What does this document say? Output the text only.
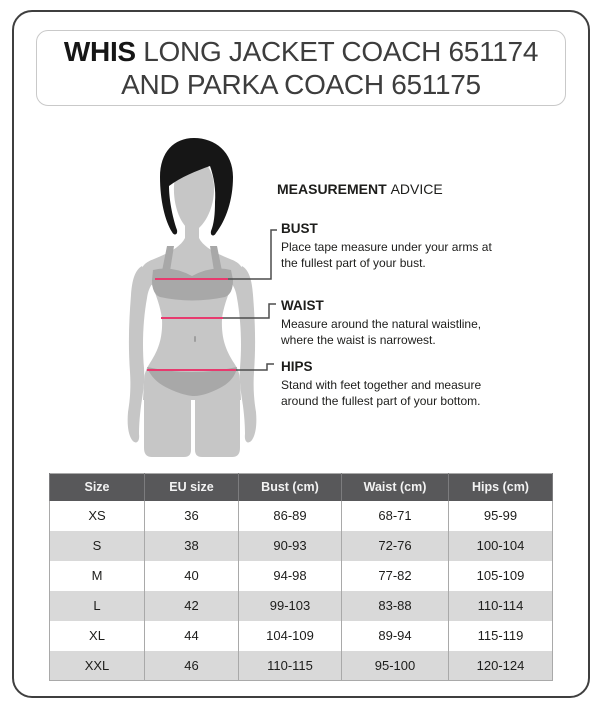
WHIS LONG JACKET COACH 651174
AND PARKA COACH 651175
MEASUREMENT ADVICE
BUST
Place tape measure under your arms at
the fullest part of your bust.
WAIST
Measure around the natural waistline,
where the waist is narrowest.
HIPS
Stand with feet together and measure
around the fullest part of your bottom.
Size	EU size	Bust (cm)	Waist (cm)	Hips (cm)
XS	36	86-89	68-71	95-99
S	38	90-93	72-76	100-104
M	40	94-98	77-82	105-109
L	42	99-103	83-88	110-114
XL	44	104-109	89-94	115-119
XXL	46	110-115	95-100	120-124
